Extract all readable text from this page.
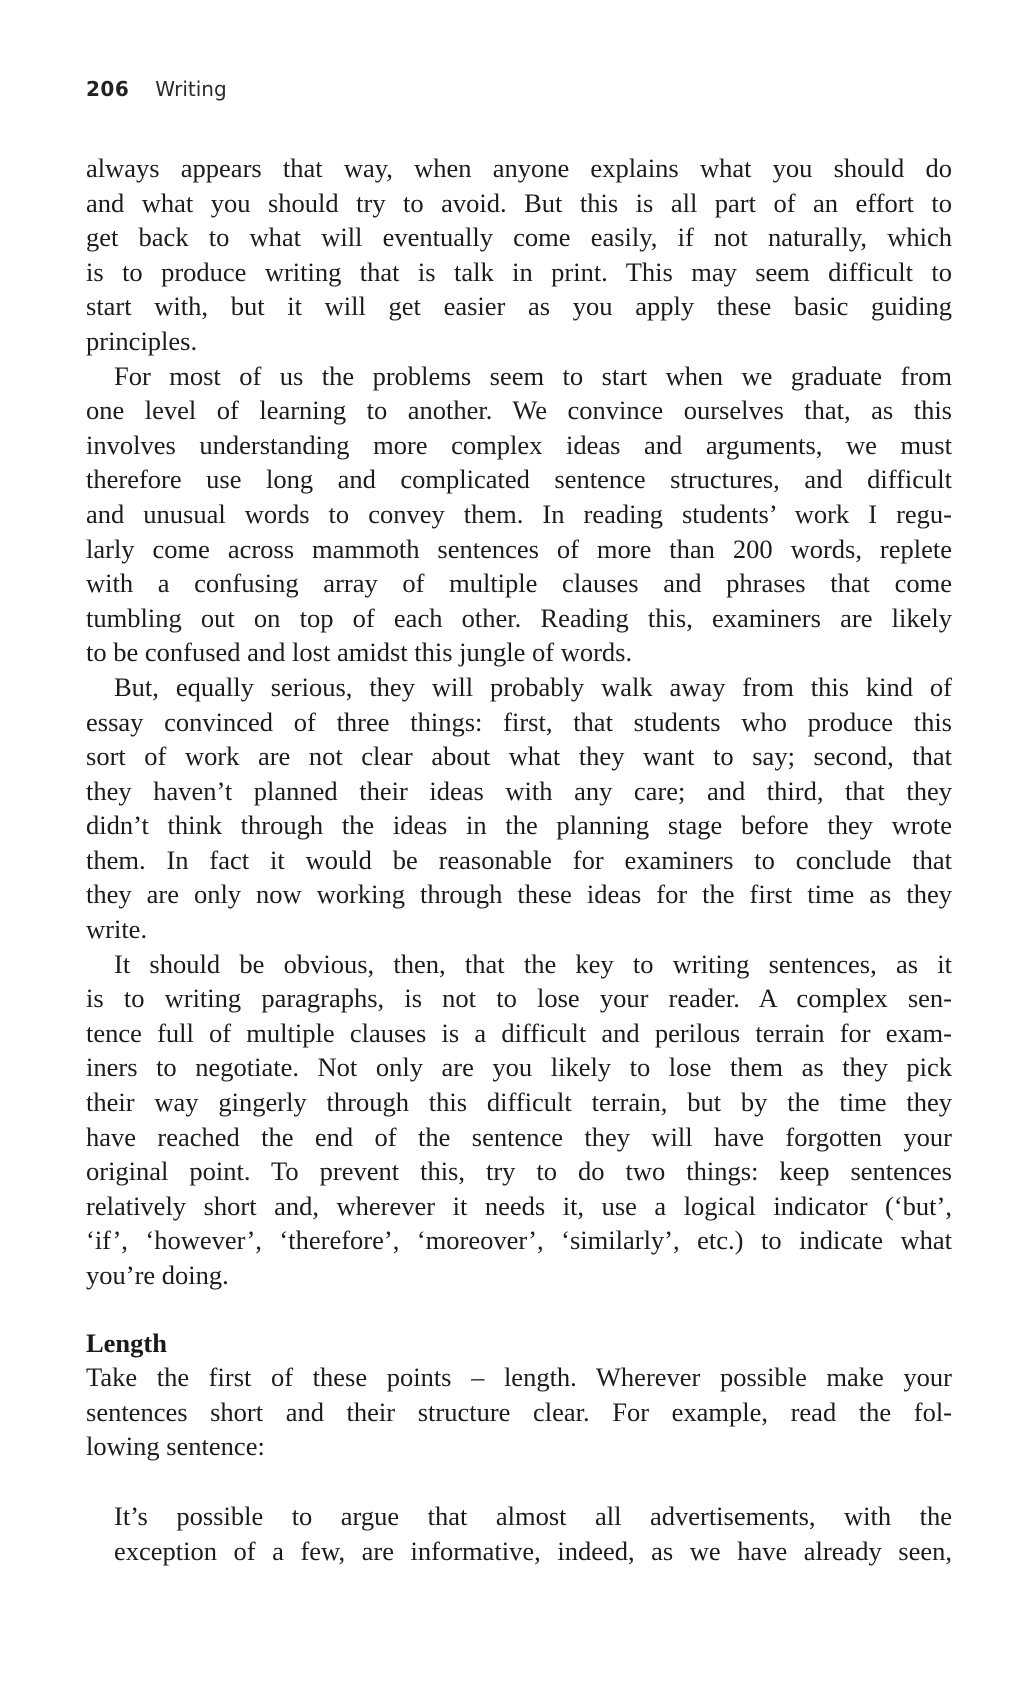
206 Writing
always appears that way, when anyone explains what you should do
and what you should try to avoid. But this is all part of an effort to
get back to what will eventually come easily, if not naturally, which
is to produce writing that is talk in print. This may seem difficult to
start with, but it will get easier as you apply these basic guiding
principles.
For most of us the problems seem to start when we graduate from
one level of learning to another. We convince ourselves that, as this
involves understanding more complex ideas and arguments, we must
therefore use long and complicated sentence structures, and difficult
and unusual words to convey them. In reading students’ work I regu-
larly come across mammoth sentences of more than 200 words, replete
with a confusing array of multiple clauses and phrases that come
tumbling out on top of each other. Reading this, examiners are likely
to be confused and lost amidst this jungle of words.
But, equally serious, they will probably walk away from this kind of
essay convinced of three things: first, that students who produce this
sort of work are not clear about what they want to say; second, that
they haven’t planned their ideas with any care; and third, that they
didn’t think through the ideas in the planning stage before they wrote
them. In fact it would be reasonable for examiners to conclude that
they are only now working through these ideas for the first time as they
write.
It should be obvious, then, that the key to writing sentences, as it
is to writing paragraphs, is not to lose your reader. A complex sen-
tence full of multiple clauses is a difficult and perilous terrain for exam-
iners to negotiate. Not only are you likely to lose them as they pick
their way gingerly through this difficult terrain, but by the time they
have reached the end of the sentence they will have forgotten your
original point. To prevent this, try to do two things: keep sentences
relatively short and, wherever it needs it, use a logical indicator (‘but’,
‘if’, ‘however’, ‘therefore’, ‘moreover’, ‘similarly’, etc.) to indicate what
you’re doing.
Length
Take the first of these points – length. Wherever possible make your
sentences short and their structure clear. For example, read the fol-
lowing sentence:
It’s possible to argue that almost all advertisements, with the
exception of a few, are informative, indeed, as we have already seen,
